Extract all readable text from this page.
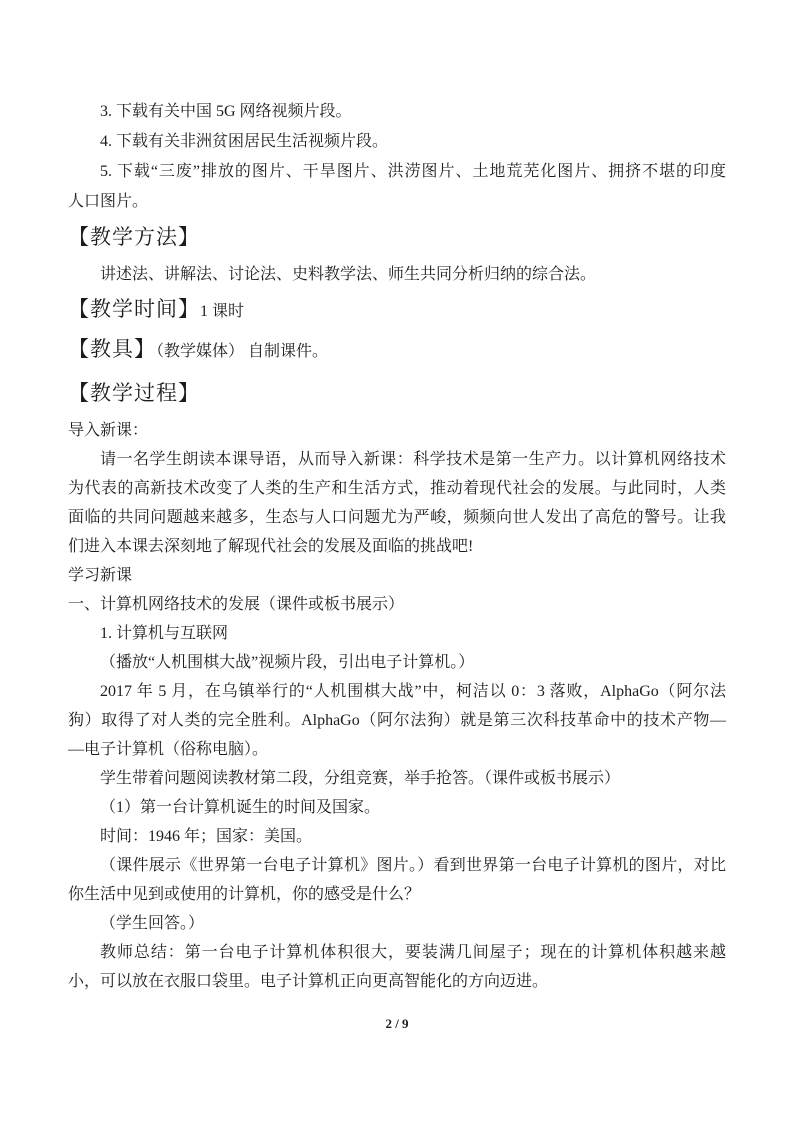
3. 下载有关中国 5G 网络视频片段。
4. 下载有关非洲贫困居民生活视频片段。
5. 下载“三废”排放的图片、干旱图片、洪涝图片、土地荒芜化图片、拥挤不堪的印度
人口图片。
【教学方法】
讲述法、讲解法、讨论法、史料教学法、师生共同分析归纳的综合法。
【教学时间】1 课时
【教具】（教学媒体） 自制课件。
【教学过程】
导入新课：
请一名学生朗读本课导语，从而导入新课：科学技术是第一生产力。以计算机网络技术
为代表的高新技术改变了人类的生产和生活方式，推动着现代社会的发展。与此同时，人类
面临的共同问题越来越多，生态与人口问题尤为严峻，频频向世人发出了高危的警号。让我
们进入本课去深刻地了解现代社会的发展及面临的挑战吧!
学习新课
一、计算机网络技术的发展（课件或板书展示）
1. 计算机与互联网
（播放“人机围棋大战”视频片段，引出电子计算机。）
2017 年 5 月，在乌镇举行的“人机围棋大战”中，柯洁以 0：3 落败，AlphaGo（阿尔法
狗）取得了对人类的完全胜利。AlphaGo（阿尔法狗）就是第三次科技革命中的技术产物—
—电子计算机（俗称电脑）。
学生带着问题阅读教材第二段，分组竞赛，举手抢答。（课件或板书展示）
（1）第一台计算机诞生的时间及国家。
时间：1946 年；国家：美国。
（课件展示《世界第一台电子计算机》图片。）看到世界第一台电子计算机的图片，对比
你生活中见到或使用的计算机，你的感受是什么？
（学生回答。）
教师总结：第一台电子计算机体积很大，要装满几间屋子；现在的计算机体积越来越
小，可以放在衣服口袋里。电子计算机正向更高智能化的方向迈进。
2 / 9
